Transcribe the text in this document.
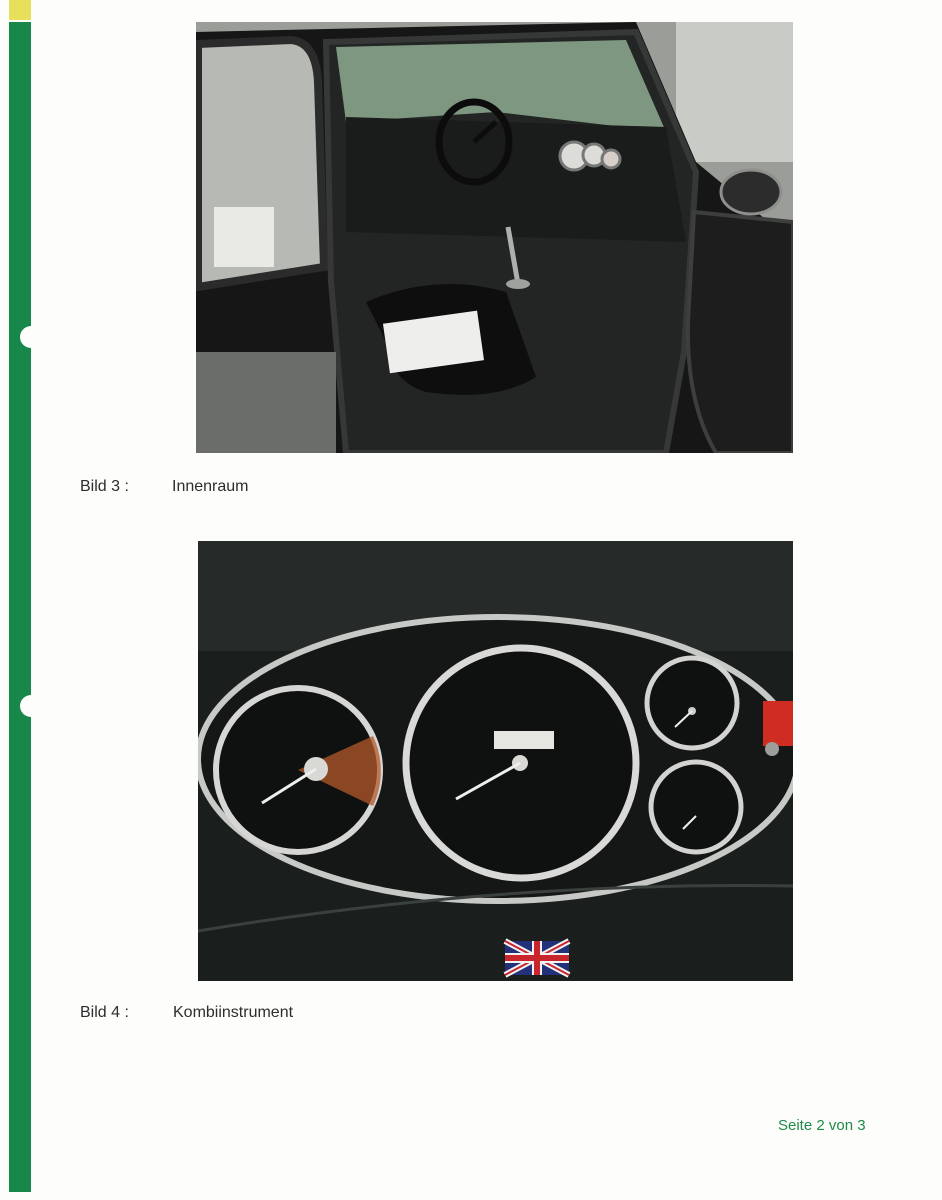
Bild 3 :	Innenraum
Bild 4 :	Kombiinstrument
Seite 2 von 3
